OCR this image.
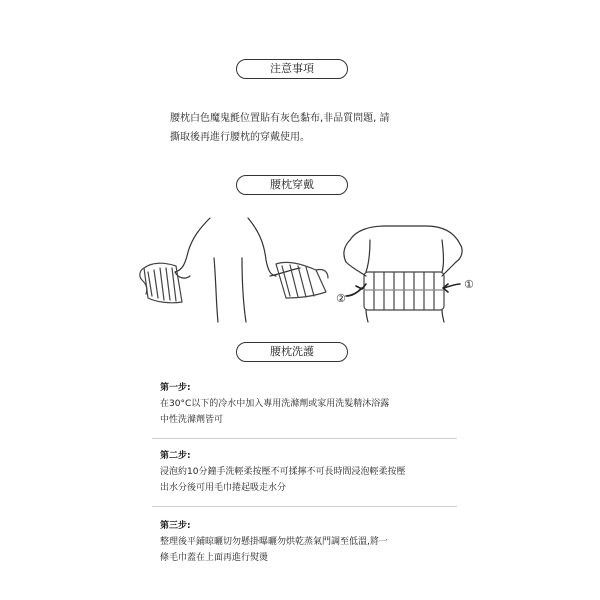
注意事項
腰枕白色魔鬼氈位置貼有灰色黏布,非品質問題, 請
撕取後再進行腰枕的穿戴使用。
腰枕穿戴
①
②
腰枕洗護
第一步:
在30°C以下的冷水中加入專用洗滌劑或家用洗髮精沐浴露
中性洗滌劑皆可
第二步:
浸泡約10分鐘手洗輕柔按壓不可揉擰不可長時間浸泡輕柔按壓
出水分後可用毛巾捲起吸走水分
第三步:
整理後平鋪晾曬切勿懸掛曝曬勿烘乾蒸氣門調至低溫,將一
條毛巾蓋在上面再進行熨燙
